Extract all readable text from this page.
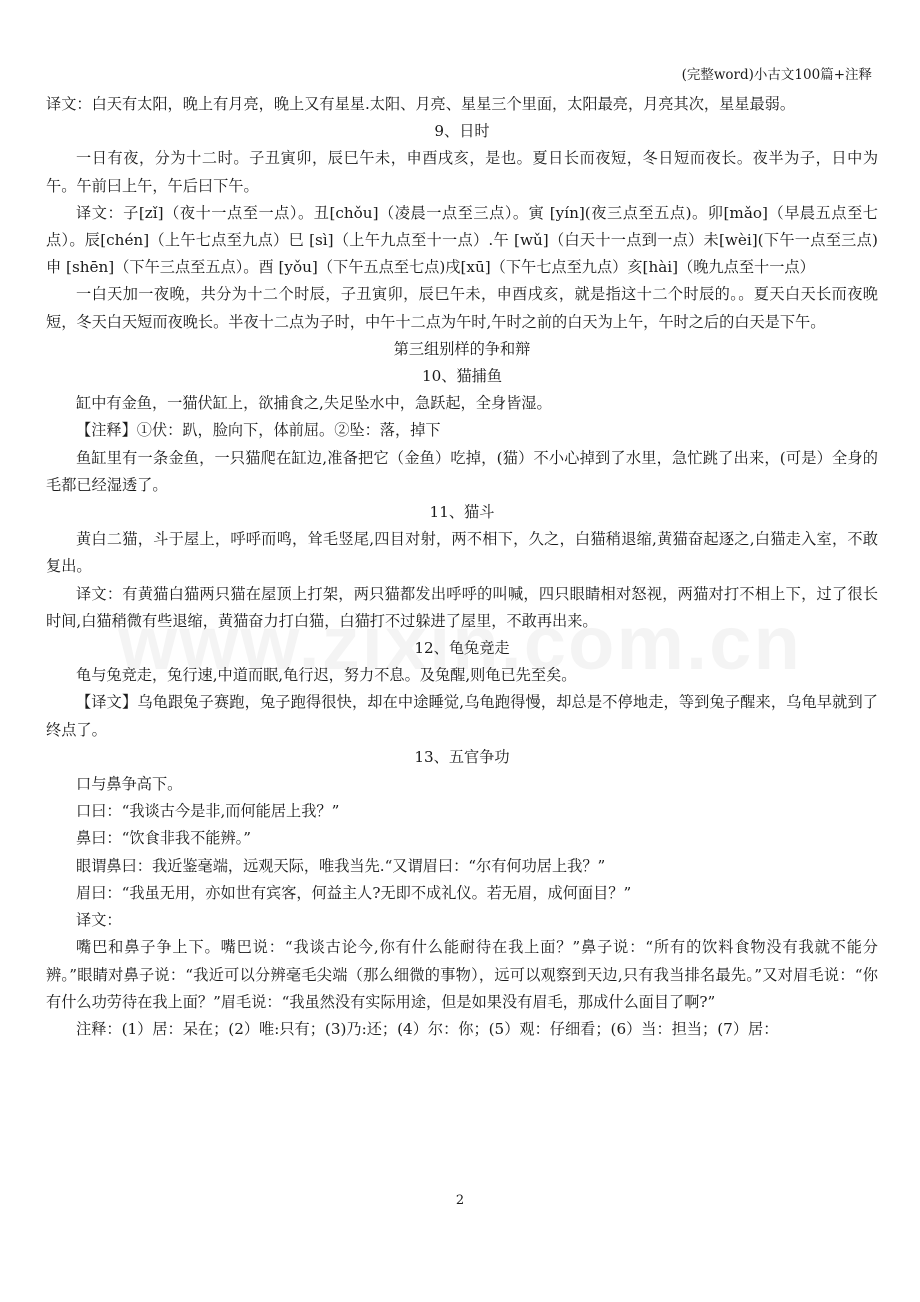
(完整word)小古文100篇+注释

译文：白天有太阳，晚上有月亮，晚上又有星星.太阳、月亮、星星三个里面，太阳最亮，月亮其次，星星最弱。

9、日时

一日有夜，分为十二时。子丑寅卯，辰巳午未，申酉戌亥，是也。夏日长而夜短，冬日短而夜长。夜半为子，日中为午。午前曰上午，午后曰下午。

译文：子[zǐ]（夜十一点至一点）。丑[chǒu]（凌晨一点至三点）。寅 [yín](夜三点至五点)。卯[mǎo]（早晨五点至七点）。辰[chén]（上午七点至九点）巳 [sì]（上午九点至十一点）.午 [wǔ]（白天十一点到一点）未[wèi](下午一点至三点) 申 [shēn]（下午三点至五点）。酉 [yǒu]（下午五点至七点)戌[xū]（下午七点至九点）亥[hài]（晚九点至十一点）

一白天加一夜晚，共分为十二个时辰，子丑寅卯，辰巳午未，申酉戌亥，就是指这十二个时辰的。。夏天白天长而夜晚短，冬天白天短而夜晚长。半夜十二点为子时，中午十二点为午时,午时之前的白天为上午，午时之后的白天是下午。

第三组别样的争和辩

10、猫捕鱼

缸中有金鱼，一猫伏缸上，欲捕食之,失足坠水中，急跃起，全身皆湿。

【注释】①伏：趴，脸向下，体前屈。②坠：落，掉下

鱼缸里有一条金鱼，一只猫爬在缸边,准备把它（金鱼）吃掉，(猫）不小心掉到了水里，急忙跳了出来，(可是）全身的毛都已经湿透了。

11、猫斗

黄白二猫，斗于屋上，呼呼而鸣，耸毛竖尾,四目对射，两不相下，久之，白猫稍退缩,黄猫奋起逐之,白猫走入室，不敢复出。

译文：有黄猫白猫两只猫在屋顶上打架，两只猫都发出呼呼的叫喊，四只眼睛相对怒视，两猫对打不相上下，过了很长时间,白猫稍微有些退缩，黄猫奋力打白猫，白猫打不过躲进了屋里，不敢再出来。

12、龟兔竞走

龟与兔竞走，兔行速,中道而眠,龟行迟，努力不息。及兔醒,则龟已先至矣。

【译文】乌龟跟兔子赛跑，兔子跑得很快，却在中途睡觉,乌龟跑得慢，却总是不停地走，等到兔子醒来，乌龟早就到了终点了。

13、五官争功

口与鼻争高下。

口曰：“我谈古今是非,而何能居上我？”

鼻曰：“饮食非我不能辨。”

眼谓鼻曰：我近鉴毫端，远观天际，唯我当先.“又谓眉曰：“尔有何功居上我？”

眉曰：“我虽无用，亦如世有宾客，何益主人?无即不成礼仪。若无眉，成何面目？”

译文：

嘴巴和鼻子争上下。嘴巴说：“我谈古论今,你有什么能耐待在我上面？”鼻子说：“所有的饮料食物没有我就不能分辨。”眼睛对鼻子说：“我近可以分辨毫毛尖端（那么细微的事物），远可以观察到天边,只有我当排名最先。”又对眉毛说：“你有什么功劳待在我上面？”眉毛说：“我虽然没有实际用途，但是如果没有眉毛，那成什么面目了啊?”

注释：(1）居：呆在；(2）唯:只有；(3)乃:还；(4）尔：你；(5）观：仔细看；(6）当：担当；(7）居：

2
